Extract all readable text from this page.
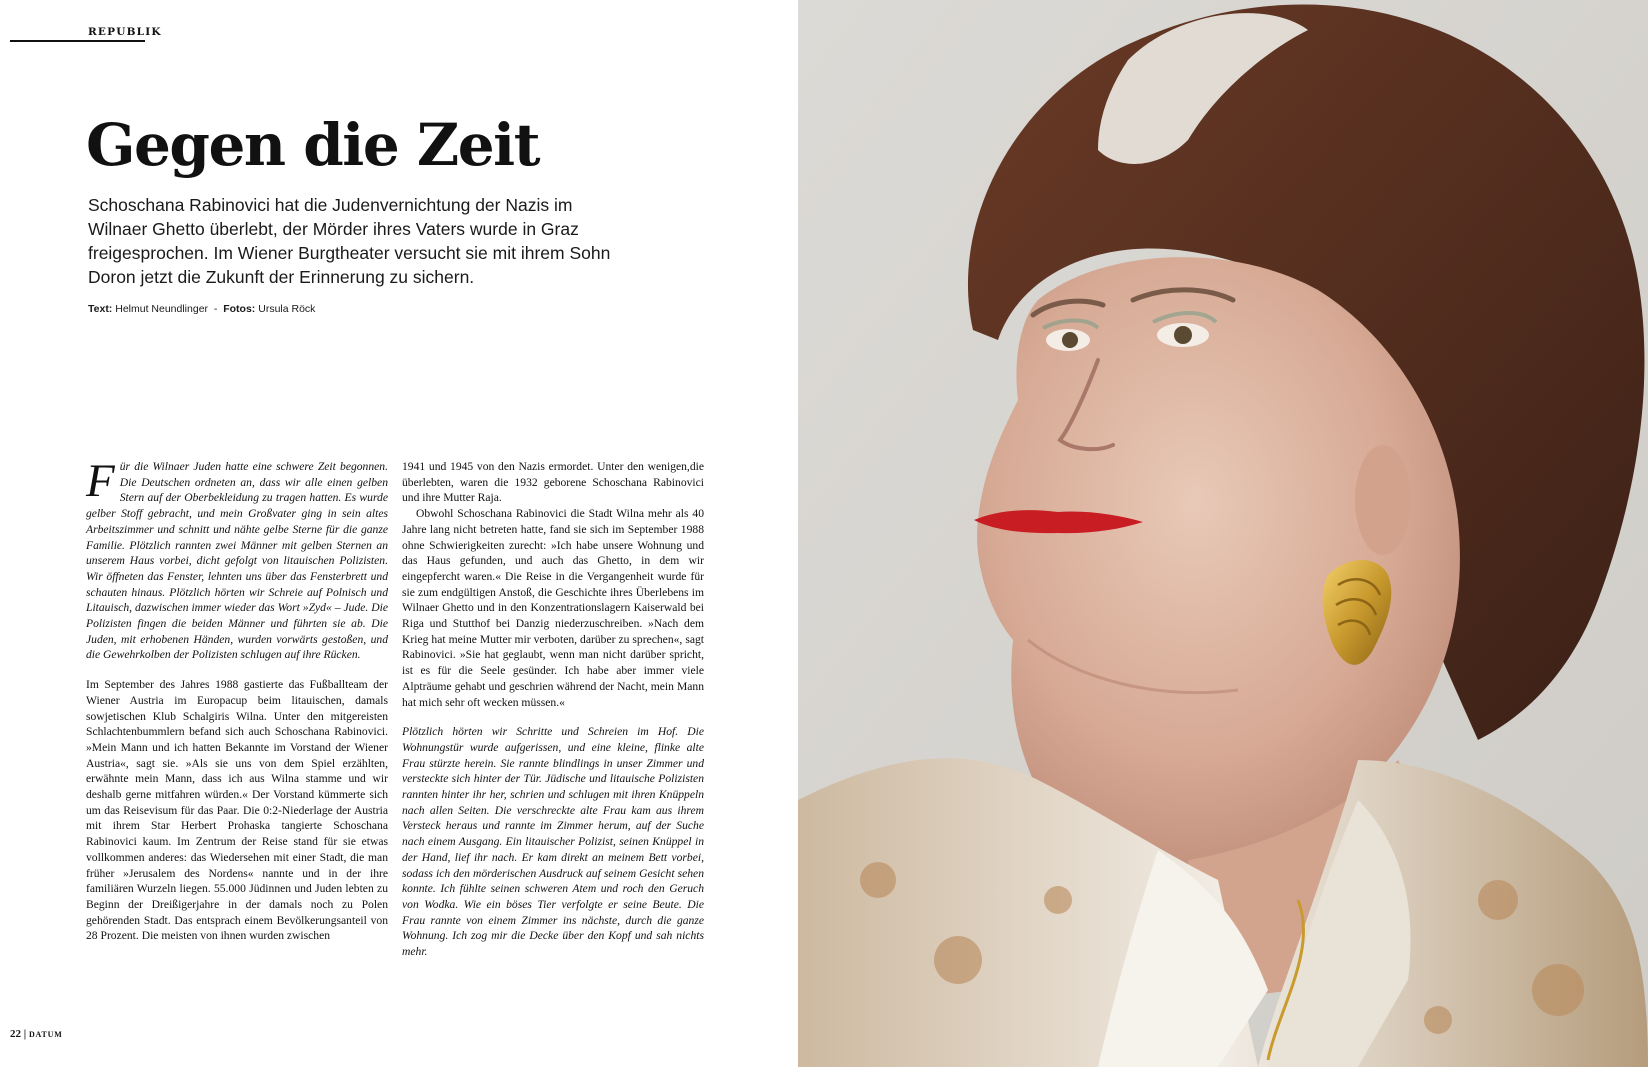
REPUBLIK
Gegen die Zeit

Schoschana Rabinovici hat die Judenvernichtung der Nazis im Wilnaer Ghetto überlebt, der Mörder ihres Vaters wurde in Graz freigesprochen. Im Wiener Burgtheater versucht sie mit ihrem Sohn Doron jetzt die Zukunft der Erinnerung zu sichern.

Text: Helmut Neundlinger - Fotos: Ursula Röck

Für die Wilnaer Juden hatte eine schwere Zeit begonnen. Die Deutschen ordneten an, dass wir alle einen gelben Stern auf der Oberbekleidung zu tragen hatten. Es wurde gelber Stoff gebracht, und mein Großvater ging in sein altes Arbeitszimmer und schnitt und nähte gelbe Sterne für die ganze Familie. Plötzlich rannten zwei Männer mit gelben Sternen an unserem Haus vorbei, dicht gefolgt von litauischen Polizisten. Wir öffneten das Fenster, lehnten uns über das Fensterbrett und schauten hinaus. Plötzlich hörten wir Schreie auf Polnisch und Litauisch, dazwischen immer wieder das Wort »Zyd« – Jude. Die Polizisten fingen die beiden Männer und führten sie ab. Die Juden, mit erhobenen Händen, wurden vorwärts gestoßen, und die Gewehrkolben der Polizisten schlugen auf ihre Rücken.

Im September des Jahres 1988 gastierte das Fußballteam der Wiener Austria im Europacup beim litauischen, damals sowjetischen Klub Schalgiris Wilna. Unter den mitgereisten Schlachtenbummlern befand sich auch Schoschana Rabinovici. »Mein Mann und ich hatten Bekannte im Vorstand der Wiener Austria«, sagt sie. »Als sie uns von dem Spiel erzählten, erwähnte mein Mann, dass ich aus Wilna stamme und wir deshalb gerne mitfahren würden.« Der Vorstand kümmerte sich um das Reisevisum für das Paar. Die 0:2-Niederlage der Austria mit ihrem Star Herbert Prohaska tangierte Schoschana Rabinovici kaum. Im Zentrum der Reise stand für sie etwas vollkommen anderes: das Wiedersehen mit einer Stadt, die man früher »Jerusalem des Nordens« nannte und in der ihre familiären Wurzeln liegen. 55.000 Jüdinnen und Juden lebten zu Beginn der Dreißigerjahre in der damals noch zu Polen gehörenden Stadt. Das entsprach einem Bevölkerungsanteil von 28 Prozent. Die meisten von ihnen wurden zwischen

1941 und 1945 von den Nazis ermordet. Unter den wenigen,die überlebten, waren die 1932 geborene Schoschana Rabinovici und ihre Mutter Raja.

Obwohl Schoschana Rabinovici die Stadt Wilna mehr als 40 Jahre lang nicht betreten hatte, fand sie sich im September 1988 ohne Schwierigkeiten zurecht: »Ich habe unsere Wohnung und das Haus gefunden, und auch das Ghetto, in dem wir eingepfercht waren.« Die Reise in die Vergangenheit wurde für sie zum endgültigen Anstoß, die Geschichte ihres Überlebens im Wilnaer Ghetto und in den Konzentrationslagern Kaiserwald bei Riga und Stutthof bei Danzig niederzuschreiben. »Nach dem Krieg hat meine Mutter mir verboten, darüber zu sprechen«, sagt Rabinovici. »Sie hat geglaubt, wenn man nicht darüber spricht, ist es für die Seele gesünder. Ich habe aber immer viele Alpträume gehabt und geschrien während der Nacht, mein Mann hat mich sehr oft wecken müssen.«

Plötzlich hörten wir Schritte und Schreien im Hof. Die Wohnungstür wurde aufgerissen, und eine kleine, flinke alte Frau stürzte herein. Sie rannte blindlings in unser Zimmer und versteckte sich hinter der Tür. Jüdische und litauische Polizisten rannten hinter ihr her, schrien und schlugen mit ihren Knüppeln nach allen Seiten. Die verschreckte alte Frau kam aus ihrem Versteck heraus und rannte im Zimmer herum, auf der Suche nach einem Ausgang. Ein litauischer Polizist, seinen Knüppel in der Hand, lief ihr nach. Er kam direkt an meinem Bett vorbei, sodass ich den mörderischen Ausdruck auf seinem Gesicht sehen konnte. Ich fühlte seinen schweren Atem und roch den Geruch von Wodka. Wie ein böses Tier verfolgte er seine Beute. Die Frau rannte von einem Zimmer ins nächste, durch die ganze Wohnung. Ich zog mir die Decke über den Kopf und sah nichts mehr.

22 | DATUM
